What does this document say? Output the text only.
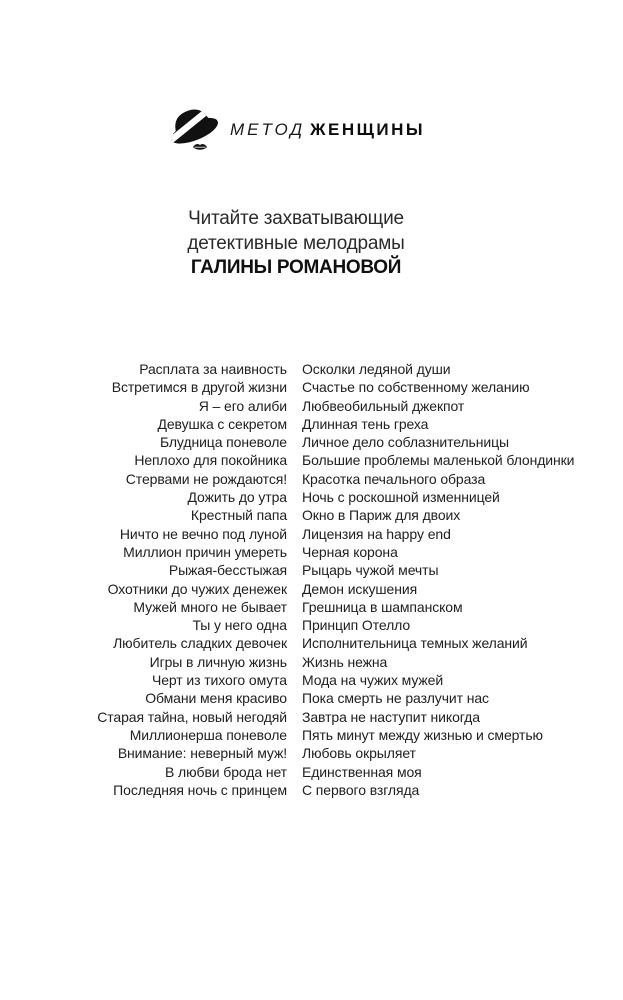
МЕТОД ЖЕНЩИНЫ
Читайте захватывающие
детективные мелодрамы
ГАЛИНЫ РОМАНОВОЙ
Расплата за наивность
Встретимся в другой жизни
Я – его алиби
Девушка с секретом
Блудница поневоле
Неплохо для покойника
Стервами не рождаются!
Дожить до утра
Крестный папа
Ничто не вечно под луной
Миллион причин умереть
Рыжая-бесстыжая
Охотники до чужих денежек
Мужей много не бывает
Ты у него одна
Любитель сладких девочек
Игры в личную жизнь
Черт из тихого омута
Обмани меня красиво
Старая тайна, новый негодяй
Миллионерша поневоле
Внимание: неверный муж!
В любви брода нет
Последняя ночь с принцем
Осколки ледяной души
Счастье по собственному желанию
Любвеобильный джекпот
Длинная тень греха
Личное дело соблазнительницы
Большие проблемы маленькой блондинки
Красотка печального образа
Ночь с роскошной изменницей
Окно в Париж для двоих
Лицензия на happy end
Черная корона
Рыцарь чужой мечты
Демон искушения
Грешница в шампанском
Принцип Отелло
Исполнительница темных желаний
Жизнь нежна
Мода на чужих мужей
Пока смерть не разлучит нас
Завтра не наступит никогда
Пять минут между жизнью и смертью
Любовь окрыляет
Единственная моя
С первого взгляда
